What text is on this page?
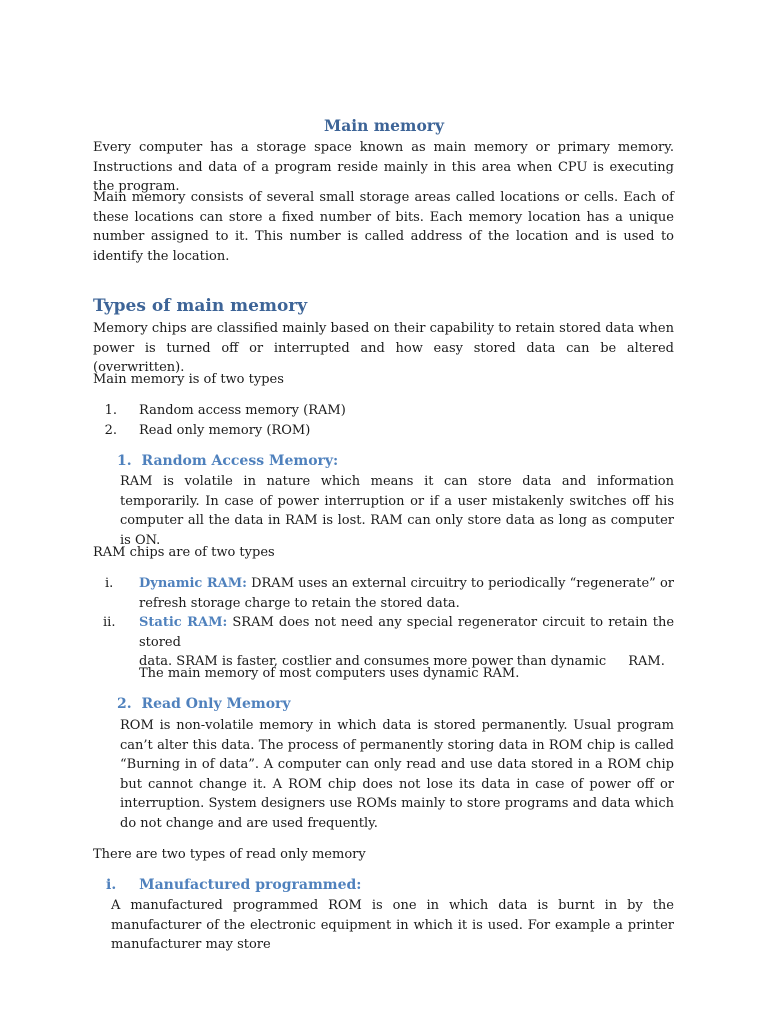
Main memory
Every computer has a storage space known as main memory or primary memory. Instructions and data of a program reside mainly in this area when CPU is executing the program.
Main memory consists of several small storage areas called locations or cells. Each of these locations can store a fixed number of bits. Each memory location has a unique number assigned to it. This number is called address of the location and is used to identify the location.
Types of main memory
Memory chips are classified mainly based on their capability to retain stored data when power is turned off or interrupted and how easy stored data can be altered (overwritten).
Main memory is of two types
1. Random access memory (RAM)
2. Read only memory (ROM)
1. Random Access Memory:
RAM is volatile in nature which means it can store data and information temporarily. In case of power interruption or if a user mistakenly switches off his computer all the data in RAM is lost. RAM can only store data as long as computer is ON.
RAM chips are of two types
i. Dynamic RAM: DRAM uses an external circuitry to periodically “regenerate” or
refresh storage charge to retain the stored data.
ii. Static RAM: SRAM does not need any special regenerator circuit to retain the stored
data. SRAM is faster, costlier and consumes more power than dynamic RAM.
The main memory of most computers uses dynamic RAM.
2. Read Only Memory
ROM is non-volatile memory in which data is stored permanently. Usual program can’t alter this data. The process of permanently storing data in ROM chip is called “Burning in of data”. A computer can only read and use data stored in a ROM chip but cannot change it. A ROM chip does not lose its data in case of power off or interruption. System designers use ROMs mainly to store programs and data which do not change and are used frequently.
There are two types of read only memory
i. Manufactured programmed:
A manufactured programmed ROM is one in which data is burnt in by the manufacturer of the electronic equipment in which it is used. For example a printer manufacturer may store
